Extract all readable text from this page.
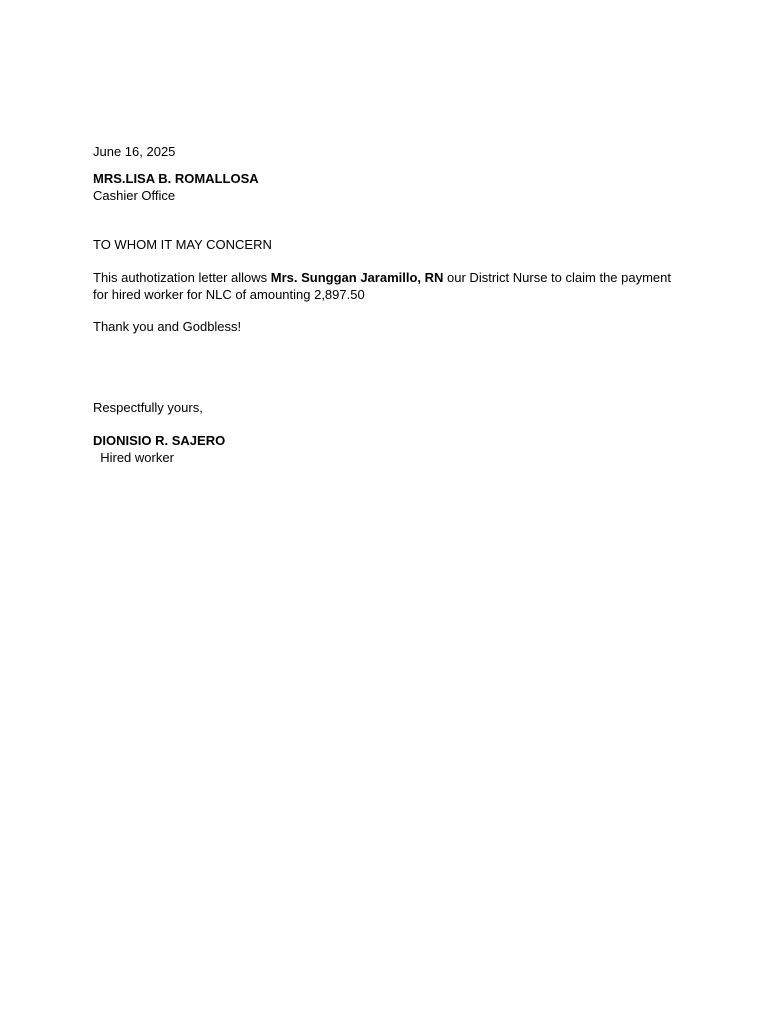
June 16, 2025
MRS.LISA B. ROMALLOSA
Cashier Office
TO WHOM IT MAY CONCERN
This authotization letter allows Mrs. Sunggan Jaramillo, RN our District Nurse to claim the payment for hired worker for NLC of amounting 2,897.50
Thank you and Godbless!
Respectfully yours,
DIONISIO R. SAJERO
Hired worker
